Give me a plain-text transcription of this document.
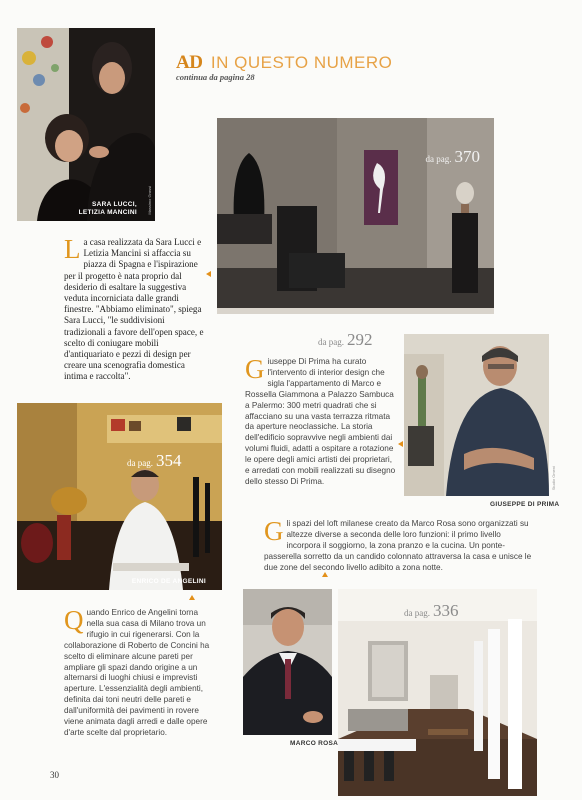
AD IN QUESTO NUMERO
continua da pagina 28
SARA LUCCI,
LETIZIA MANCINI	Massimo Grassi
da pag. 370
La casa realizzata da Sara Lucci e Letizia Mancini si affaccia su piazza di Spagna e l'ispirazione per il progetto è nata proprio dal desiderio di esaltare la suggestiva veduta incorniciata dalle grandi finestre. "Abbiamo eliminato", spiega Sara Lucci, "le suddivisioni tradizionali a favore dell'open space, e scelto di coniugare mobili d'antiquariato e pezzi di design per creare una scenografia domestica intima e raccolta".
da pag. 292
Giuseppe Di Prima ha curato l'intervento di interior design che sigla l'appartamento di Marco e Rossella Giammona a Palazzo Sambuca a Palermo: 300 metri quadrati che si affacciano su una vasta terrazza ritmata da aperture neoclassiche. La storia dell'edificio sopravvive negli ambienti dai volumi fluidi, adatti a ospitare a rotazione le opere degli amici artisti dei proprietari, e arredati con mobili realizzati su disegno dello stesso Di Prima.
GIUSEPPE DI PRIMA
Studio Omeni
da pag. 354
ENRICO DE ANGELINI
Gli spazi del loft milanese creato da Marco Rosa sono organizzati su altezze diverse a seconda delle loro funzioni: il primo livello incorpora il soggiorno, la zona pranzo e la cucina. Un ponte-passerella sorretto da un candido colonnato attraversa la casa e unisce le due zone del secondo livello adibito a zona notte.
Quando Enrico de Angelini torna nella sua casa di Milano trova un rifugio in cui rigenerarsi. Con la collaborazione di Roberto de Concini ha scelto di eliminare alcune pareti per ampliare gli spazi dando origine a un alternarsi di luoghi chiusi e imprevisti aperture. L'essenzialità degli ambienti, definita dai toni neutri delle pareti e dall'uniformità dei pavimenti in rovere viene animata dagli arredi e dalle opere d'arte scelte dal proprietario.
MARCO ROSA
da pag. 336
30
